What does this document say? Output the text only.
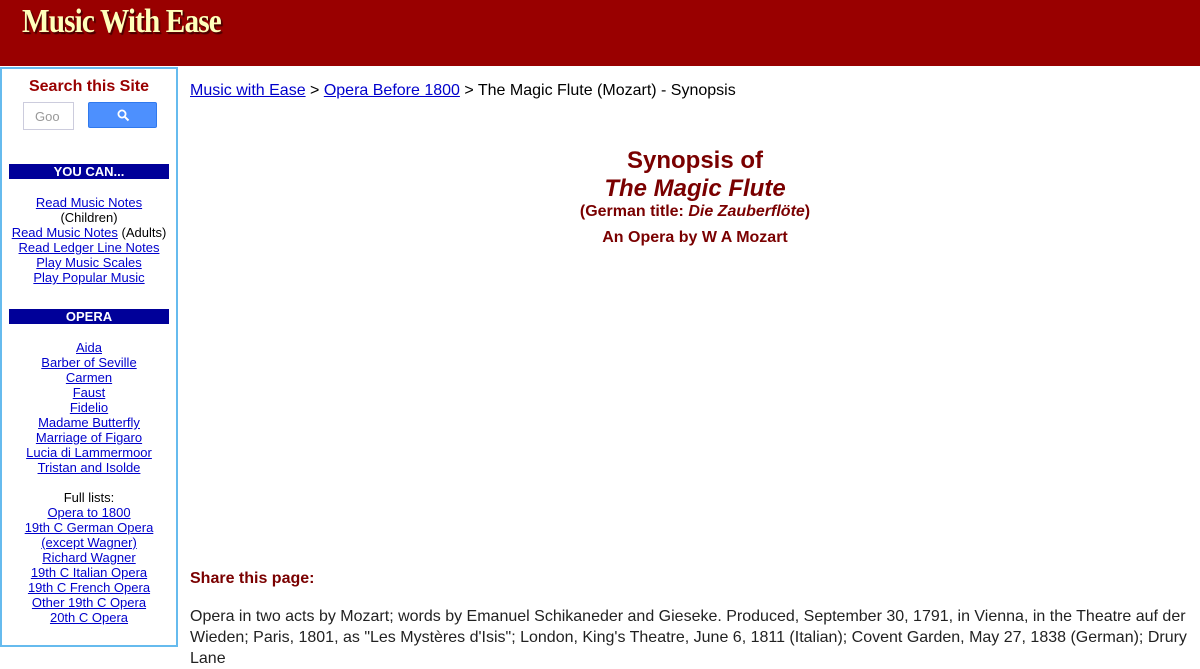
Music With Ease
Search this Site
Goo
YOU CAN...
Read Music Notes
(Children)
Read Music Notes (Adults)
Read Ledger Line Notes
Play Music Scales
Play Popular Music
OPERA
Aida
Barber of Seville
Carmen
Faust
Fidelio
Madame Butterfly
Marriage of Figaro
Lucia di Lammermoor
Tristan and Isolde
Full lists:
Opera to 1800
19th C German Opera
(except Wagner)
Richard Wagner
19th C Italian Opera
19th C French Opera
Other 19th C Opera
20th C Opera
Music with Ease > Opera Before 1800 > The Magic Flute (Mozart) - Synopsis
Synopsis of
The Magic Flute
(German title: Die Zauberflöte)
An Opera by W A Mozart
Share this page:
Opera in two acts by Mozart; words by Emanuel Schikaneder and Gieseke. Produced, September 30, 1791, in Vienna, in the Theatre auf der Wieden; Paris, 1801, as "Les Mystères d'Isis"; London, King's Theatre, June 6, 1811 (Italian); Covent Garden, May 27, 1838 (German); Drury Lane
